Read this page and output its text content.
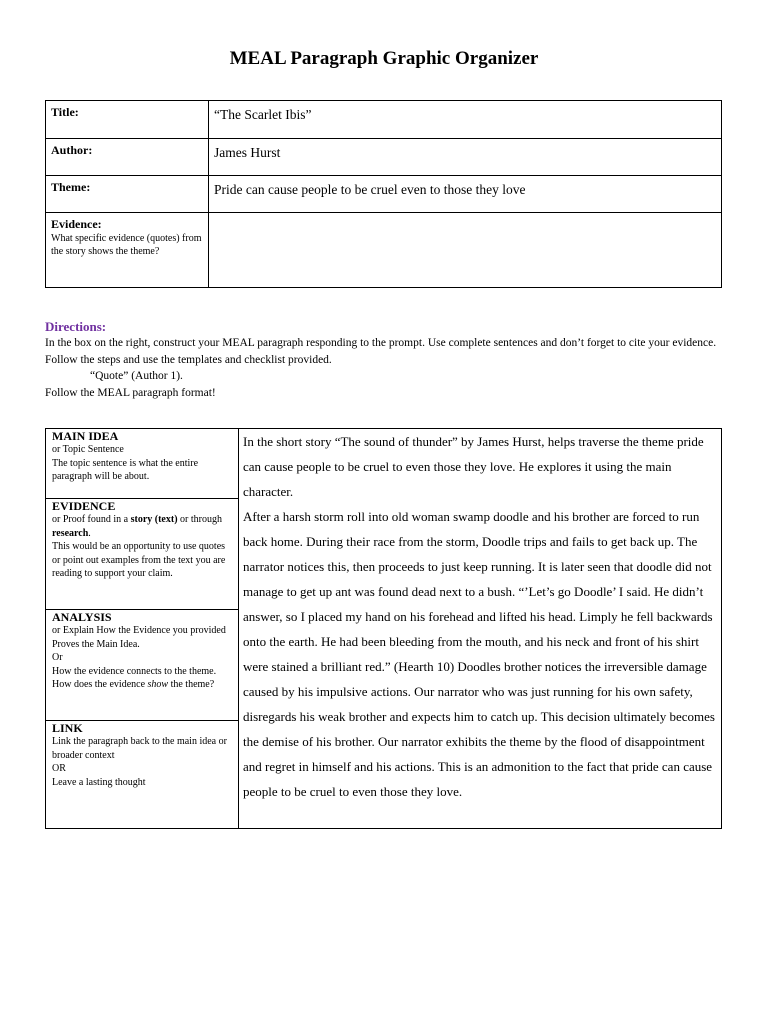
MEAL Paragraph Graphic Organizer
Title:	“The Scarlet Ibis”
Author:	James Hurst
Theme:	Pride can cause people to be cruel even to those they love
Evidence:
What specific evidence (quotes) from the story shows the theme?	

Directions:
In the box on the right, construct your MEAL paragraph responding to the prompt. Use complete sentences and don’t forget to cite your evidence. Follow the steps and use the templates and checklist provided.
“Quote” (Author 1).
Follow the MEAL paragraph format!
MAIN IDEA
or Topic Sentence
The topic sentence is what the entire paragraph will be about.
EVIDENCE
or Proof found in a story (text) or through research.
This would be an opportunity to use quotes or point out examples from the text you are reading to support your claim.
ANALYSIS
or Explain How the Evidence you provided Proves the Main Idea.
Or
How the evidence connects to the theme. How does the evidence show the theme?
LINK
Link the paragraph back to the main idea or broader context
OR
Leave a lasting thought

In the short story “The sound of thunder” by James Hurst, helps traverse the theme pride can cause people to be cruel to even those they love. He explores it using the main character.

After a harsh storm roll into old woman swamp doodle and his brother are forced to run back home. During their race from the storm, Doodle trips and fails to get back up. The narrator notices this, then proceeds to just keep running. It is later seen that doodle did not manage to get up ant was found dead next to a bush. “’Let’s go Doodle’ I said. He didn’t answer, so I placed my hand on his forehead and lifted his head. Limply he fell backwards onto the earth. He had been bleeding from the mouth, and his neck and front of his shirt were stained a brilliant red.” (Hearth 10) Doodles brother notices the irreversible damage caused by his impulsive actions. Our narrator who was just running for his own safety, disregards his weak brother and expects him to catch up. This decision ultimately becomes the demise of his brother. Our narrator exhibits the theme by the flood of disappointment and regret in himself and his actions. This is an admonition to the fact that pride can cause people to be cruel to even those they love.
